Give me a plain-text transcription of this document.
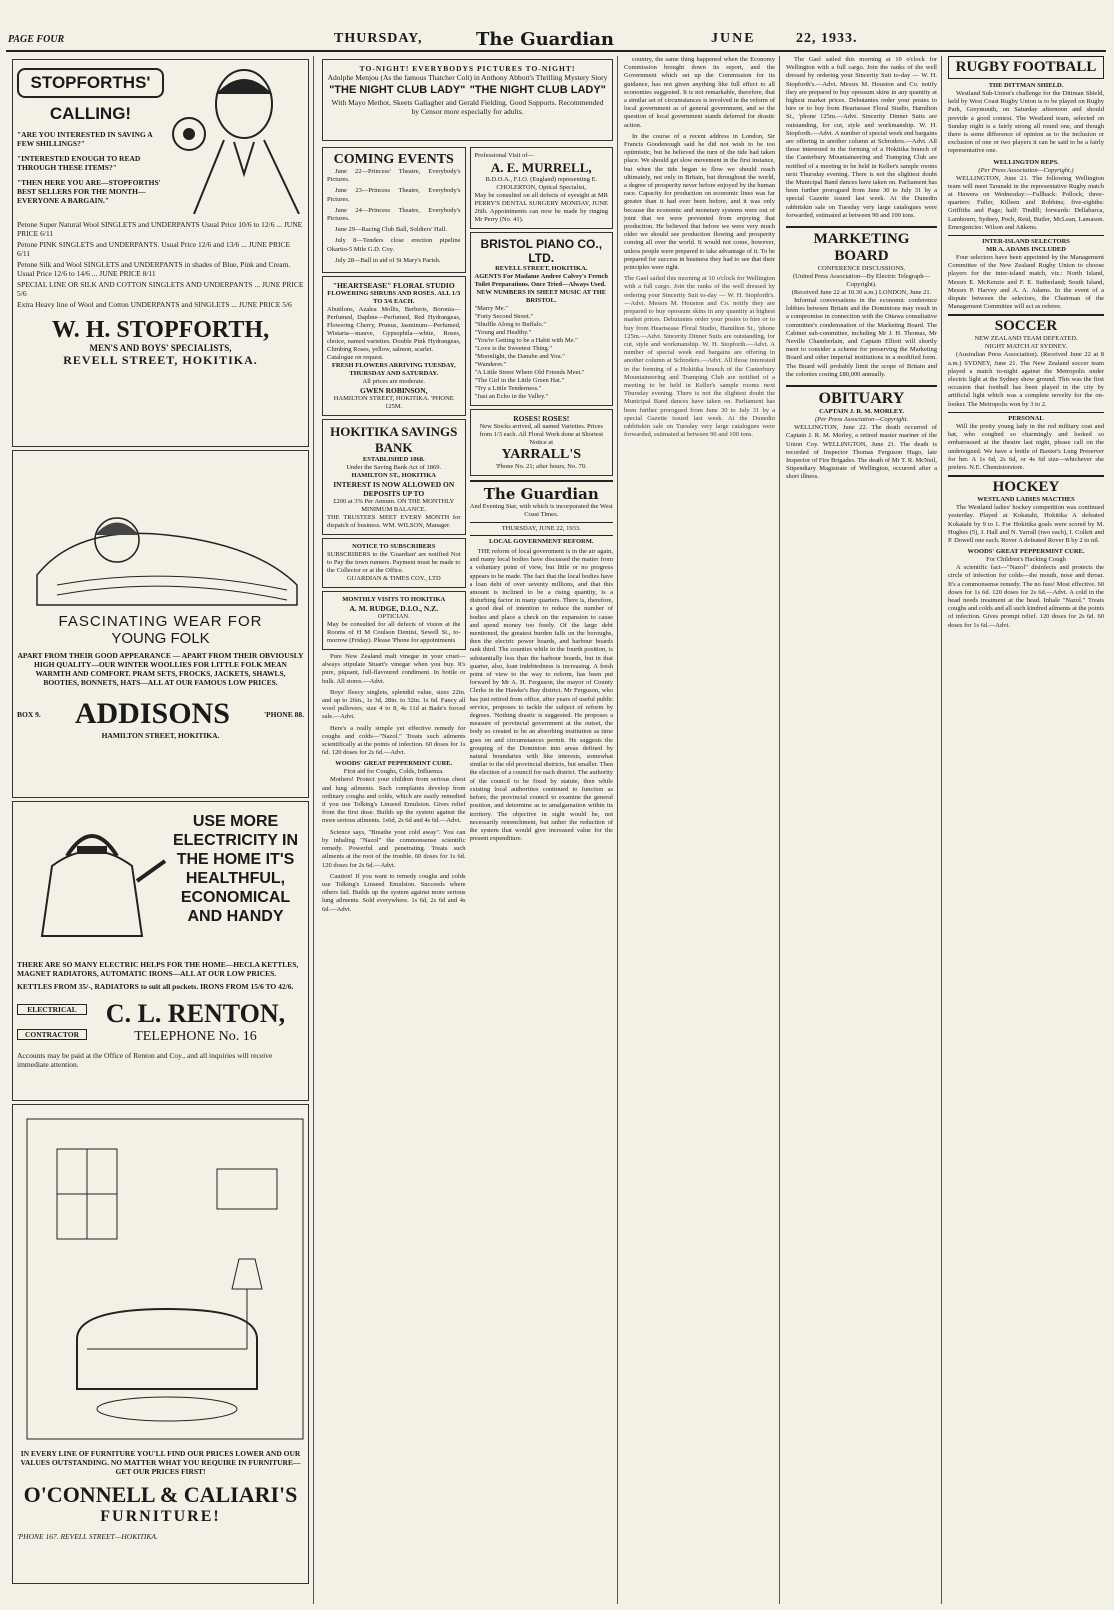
PAGE FOUR	THURSDAY,	The Guardian	JUNE	22, 1933.
STOPFORTHS'
CALLING!
"ARE YOU INTERESTED IN SAVING A FEW SHILLINGS?"
"INTERESTED ENOUGH TO READ THROUGH THESE ITEMS?"
"THEN HERE YOU ARE—STOPFORTHS' BEST SELLERS FOR THE MONTH—EVERYONE A BARGAIN."
Petone Super Natural Wool SINGLETS and UNDERPANTS Usual Price 10/6 to 12/6 ... JUNE PRICE 6/11
Petone PINK SINGLETS and UNDERPANTS. Usual Price 12/6 and 13/6 ... JUNE PRICE 6/11
Petone Silk and Wool SINGLETS and UNDERPANTS in shades of Blue, Pink and Cream. Usual Price 12/6 to 14/6 ... JUNE PRICE 8/11
SPECIAL LINE OR SILK AND COTTON SINGLETS AND UNDERPANTS ... JUNE PRICE 5/6
Extra Heavy line of Wool and Cotton UNDERPANTS and SINGLETS ... JUNE PRICE 5/6
W. H. STOPFORTH,
MEN'S AND BOYS' SPECIALISTS,
REVELL STREET, HOKITIKA.
FASCINATING WEAR FOR
YOUNG FOLK
APART FROM THEIR GOOD APPEARANCE — APART FROM THEIR OBVIOUSLY HIGH QUALITY—OUR WINTER WOOLLIES FOR LITTLE FOLK MEAN WARMTH AND COMFORT. PRAM SETS, FROCKS, JACKETS, SHAWLS, BOOTIES, BONNETS, HATS—ALL AT OUR FAMOUS LOW PRICES.
BOX 9. ADDISONS	'PHONE 88.
HAMILTON STREET, HOKITIKA.
USE MORE ELECTRICITY IN THE HOME IT'S HEALTHFUL, ECONOMICAL AND HANDY
THERE ARE SO MANY ELECTRIC HELPS FOR THE HOME—HECLA KETTLES, MAGNET RADIATORS, AUTOMATIC IRONS—ALL AT OUR LOW PRICES.
KETTLES FROM 35/-, RADIATORS to suit all pockets. IRONS FROM 15/6 TO 42/6.
ELECTRICAL
CONTRACTOR
C. L. RENTON,
TELEPHONE No. 16
Accounts may be paid at the Office of Renton and Coy., and all inquiries will receive immediate attention.
IN EVERY LINE OF FURNITURE YOU'LL FIND OUR PRICES LOWER AND OUR VALUES OUTSTANDING. NO MATTER WHAT YOU REQUIRE IN FURNITURE—GET OUR PRICES FIRST!
O'CONNELL & CALIARI'S
FURNITURE!
'PHONE 167. REVELL STREET—HOKITIKA.
TO-NIGHT! EVERYBODYS PICTURES TO-NIGHT!
Adolphe Menjou (As the famous Thatcher Colt) in Anthony Abbott's Thrilling Mystery Story
"THE NIGHT CLUB LADY" "THE NIGHT CLUB LADY"
With Mayo Methot, Skeets Gallagher and Gerald Fielding. Good Supports. Recommended by Censor more especially for adults.
COMING EVENTS
June 22—Princess' Theatre, Everybody's Pictures.
June 23—Princess Theatre, Everybody's Pictures.
June 24—Princess Theatre, Everybody's Pictures.
June 29—Racing Club Ball, Soldiers' Hall.
July 8—Tenders close erection pipeline Okarito-5 Mile G.D. Coy.
July 28—Ball in aid of St Mary's Parish.
"HEARTSEASE" FLORAL STUDIO
FLOWERING SHRUBS AND ROSES. ALL 1/3 TO 3/6 EACH.
Abutilons, Azalea Mollis, Berberis, Boronia—Perfumed, Daphne—Perfumed, Red Hydrangeas, Flowering Cherry, Prunus, Jasminum—Perfumed, Wistaria—mauve, Gypsophila—white, Roses, choice, named varieties. Double Pink Hydrangeas, Climbing Roses, yellow, salmon, scarlet.
Catalogue on request.
FRESH FLOWERS ARRIVING TUESDAY, THURSDAY AND SATURDAY.
All prices are moderate.
GWEN ROBINSON,
HAMILTON STREET, HOKITIKA. 'PHONE 125M.
HOKITIKA SAVINGS BANK
ESTABLISHED 1868.
Under the Saving Bank Act of 1869.
HAMILTON ST., HOKITIKA
INTEREST IS NOW ALLOWED ON DEPOSITS UP TO
£200 at 3% Per Annum. ON THE MONTHLY MINIMUM BALANCE.
THE TRUSTEES MEET EVERY MONTH for dispatch of business. WM. WILSON, Manager.
NOTICE TO SUBSCRIBERS
SUBSCRIBERS to the 'Guardian' are notified Not to Pay the town runners. Payment must be made to the Collector or at the Office.
GUARDIAN & TIMES COY., LTD
MONTHLY VISITS TO HOKITIKA
A. M. RUDGE, D.I.O., N.Z.
OPTICIAN.
May be consulted for all defects of vision at the Rooms of H M Coulson Dentist, Sewell St., to-morrow (Friday). Please 'Phone for appointments
Pure New Zealand malt vinegar in your cruet—always stipulate Stuart's vinegar when you buy. It's pure, piquant, full-flavoured condiment. In bottle or bulk. All stores.—Advt.
Boys' fleecy singlets, splendid value, sizes 22in. and up to 26in., 1s 3d, 28in. to 32in. 1s 6d. Fancy all wool pullovers, size 4 to 8, 4s 11d at Bade's forced sale.—Advt.
Here's a really simple yet effective remedy for coughs and colds—"Nazol." Treats such ailments scientifically at the points of infection. 60 doses for 1s 6d. 120 doses for 2s 6d.—Advt.
WOODS' GREAT PEPPERMINT CURE.
First aid for Coughs, Colds, Influenza.
Mothers! Protect your children from serious chest and lung ailments. Such complaints develop from ordinary coughs and colds, which are easily remedied if you use Tolking's Linseed Emulsion. Gives relief from the first dose. Builds up the system against the more serious ailments. 1s6d, 2s 6d and 4s 6d.—Advt.
Science says, "Breathe your cold away". You can by inhaling "Nazol" the commonsense scientific remedy. Powerful and penetrating. Treats such ailments at the root of the trouble. 60 doses for 1s 6d. 120 doses for 2s 6d.—Advt.
Caution! If you want to remedy coughs and colds use Tolking's Linseed Emulsion. Succeeds where others fail. Builds up the system against more serious lung ailments. Sold everywhere. 1s 6d, 2s 6d and 4s 6d.—Advt.
Professional Visit of—
A. E. MURRELL,
B.D.O.A., F.I.O. (England) representing E. CHOLERTON, Optical Specialist,
May be consulted on all defects of eyesight at MR PERRY'S DENTAL SURGERY MONDAY, JUNE 26th. Appointments can now be made by ringing Mr Perry (No. 41).
BRISTOL PIANO CO., LTD.
REVELL STREET, HOKITIKA.
AGENTS For Madame Andree Calvey's French Toilet Preparations. Once Tried—Always Used.
NEW NUMBERS IN SHEET MUSIC AT THE BRISTOL.
"Marry Me."
"Forty Second Street."
"Shuffle Along to Buffalo."
"Young and Healthy."
"You're Getting to be a Habit with Me."
"Love is the Sweetest Thing."
"Moonlight, the Danube and You."
"Wanderer."
"A Little Street Where Old Friends Meet."
"The Girl in the Little Green Hat."
"Try a Little Tenderness."
"Just an Echo in the Valley."
ROSES! ROSES!
New Stocks arrived, all named Varieties. Prices from 1/3 each. All Floral Work done at Shortest Notice at
YARRALL'S
'Phone No. 21; after hours, No. 70.
The Guardian
And Evening Star, with which is incorporated the West Coast Times.
THURSDAY, JUNE 22, 1933.
LOCAL GOVERNMENT REFORM.
THE reform of local government is in the air again, and many local bodies have discussed the matter from a voluntary point of view, but little or no progress appears to be made. The fact that the local bodies have a loan debt of over seventy millions, and that this amount is inclined to be a rising quantity, is a disturbing factor in many quarters. There is, therefore, a good deal of intention to reduce the number of bodies and place a check on the expansion to cause and spend money too freely. Of the large debt mentioned, the greatest burden falls on the boroughs, then the electric power boards, and harbour boards rank third. The counties while in the fourth position, is substantially less than the harbour boards, but in that quarter, also, loan indebtedness is increasing. A fresh point of view to the way to reform, has been put forward by Mr A. H. Ferguson, the mayor of County Clerks in the Hawke's Bay district. Mr Ferguson, who has just retired from office, after years of useful public service, proposes to tackle the subject of reform by degrees. 'Nothing drastic is suggested. He proposes a measure of provincial government at the outset, the body so created to be an absorbing institution as time goes on and circumstances permit. He suggests the grouping of the Dominion into areas defined by natural boundaries with like interests, somewhat similar to the old provincial districts, but smaller. Then the election of a council for each district. The authority of the council to be fixed by statute, then while existing local authorities continued to function as before, the provincial council to examine the general position, and determine as to amalgamation within its territory. The objective in sight would be, not necessarily retrenchment, but rather the reduction of the system that would give increased value for the present expenditure.
country, the same thing happened when the Economy Commission brought down its report, and the Government which set up the Commission for its guidance, has not given anything like full effect to all economies suggested. It is not remarkable, therefore, that a similar set of circumstances is involved in the reform of local government as of general government, and so the question of local government stands deferred for drastic action.
In the course of a recent address in London, Sir Francis Goodenough said he did not wish to be too optimistic, but he believed the turn of the tide had taken place. We should get slow movement in the first instance, but when the tide began to flow we should reach ultimately, not only in Britain, but throughout the world, a degree of prosperity never before enjoyed by the human race. Capacity for production on economic lines was far greater than it had ever been before, and it was only because the economic and monetary systems were out of joint that we were prevented from enjoying that production. He believed that before we were very much older we should see production flowing and prosperity coming all over the world. It would not come, however, unless people were prepared to take advantage of it. To be prepared for success in business they had to see that their principles were right.
The Gael sailed this morning at 10 o'clock for Wellington with a full cargo. Join the ranks of the well dressed by ordering your Sincerity Suit to-day — W. H. Stopforth's.—Advt. Messrs M. Houston and Co. notify they are prepared to buy opossum skins in any quantity at highest market prices. Debutantes order your posies to hire or to buy from Heartsease Floral Studio, Hamilton St., 'phone 125m.—Advt. Sincerity Dinner Suits are outstanding, for cut, style and workmanship. W. H. Stopforth.—Advt. A number of special week end bargains are offering in another column at Schroders.—Advt. All those interested in the forming of a Hokitika branch of the Canterbury Mountaineering and Tramping Club are notified of a meeting to be held in Keller's sample rooms next Thursday evening. There is not the slightest doubt the Municipal Band dances have taken on. Parliament has been further prorogued from June 30 to July 31 by a special Gazette issued last week. At the Dunedin rabbitskin sale on Tuesday very large catalogues were forwarded, estimated at between 90 and 100 tons.
The Gael sailed this morning at 10 o'clock for Wellington with a full cargo. Join the ranks of the well dressed by ordering your Sincerity Suit to-day — W. H. Stopforth's.—Advt. Messrs M. Houston and Co. notify they are prepared to buy opossum skins in any quantity at highest market prices. Debutantes order your posies to hire or to buy from Heartsease Floral Studio, Hamilton St., 'phone 125m.—Advt. Sincerity Dinner Suits are outstanding, for cut, style and workmanship. W. H. Stopforth.—Advt. A number of special week end bargains are offering in another column at Schroders.—Advt. All those interested in the forming of a Hokitika branch of the Canterbury Mountaineering and Tramping Club are notified of a meeting to be held in Keller's sample rooms next Thursday evening. There is not the slightest doubt the Municipal Band dances have taken on. Parliament has been further prorogued from June 30 to July 31 by a special Gazette issued last week. At the Dunedin rabbitskin sale on Tuesday very large catalogues were forwarded, estimated at between 90 and 100 tons.
MARKETING BOARD
CONFERENCE DISCUSSIONS.
(United Press Association—By Electric Telegraph—Copyright).
(Received June 22 at 10.30 a.m.) LONDON, June 21.
Informal conversations in the economic conference lobbies between Britain and the Dominions may result in a compromise in connection with the Ottawa consultative committee's condemnation of the Marketing Board. The Cabinet sub-committee, including Mr J. H. Thomas, Mr Neville Chamberlain, and Captain Elliott will shortly meet to consider a scheme for preserving the Marketing Board and other imperial institutions in a modified form. The Board will probably limit the scope of Britain and the colonies costing £80,000 annually.
OBITUARY
CAPTAIN J. R. M. MORLEY.
(Per Press Association—Copyright.
WELLINGTON, June 22. The death occurred of Captain J. R. M. Morley, a retired master mariner of the Union Coy. WELLINGTON, June 21. The death is recorded of Inspector Thomas Ferguson Hugo, late Inspector of Fire Brigades. The death of Mr T. R. McNeil, Stipendiary Magistrate of Wellington, occurred after a short illness.
RUGBY FOOTBALL
THE DITTMAN SHIELD.
Westland Sub-Union's challenge for the Dittman Shield, held by West Coast Rugby Union is to be played on Rugby Park, Greymouth, on Saturday afternoon and should provide a good contest. The Westland team, selected on Sunday night is a fairly strong all round one, and though there is some difference of opinion as to the inclusion or exclusion of one or two players it can be said to be a fairly representative one.
WELLINGTON REPS.
(Per Press Association—Copyright.)
WELLINGTON, June 21. The following Wellington team will meet Taranaki in the representative Rugby match at Hawera on Wednesday:—Fullback: Pollock; three-quarters: Fuller, Killeen and Robbins; five-eighths: Griffiths and Page; half: Tindill; forwards: Dellabarca, Lambourn, Sydney, Poch, Reid, Butler, McLean, Lamason. Emergencies: Wilson and Aitkens.
INTER-ISLAND SELECTORS
MR A. ADAMS INCLUDED
Four selectors have been appointed by the Management Committee of the New Zealand Rugby Union to choose players for the inter-island match, viz.: North Island, Messrs E. McKenzie and F. E. Sutherland; South Island, Messrs P. Harvey and A. A. Adams. In the event of a dispute between the selectors, the Chairman of the Management Committee will act as referee.
SOCCER
NEW ZEALAND TEAM DEFEATED.
NIGHT MATCH AT SYDNEY.
(Australian Press Association). (Received June 22 at 8 a.m.) SYDNEY, June 21. The New Zealand soccer team played a match to-night against the Metropolis under electric light at the Sydney show ground. This was the first occasion that football has been played in the city by artificial light which was a complete novelty for the on-looker. The Metropolis won by 3 to 2.
PERSONAL
Will the pretty young lady in the red military coat and hat, who coughed so charmingly and looked so embarrassed at the theatre last night, please call on the undersigned. We have a bottle of Baxter's Lung Preserver for her. A 1s 6d, 2s 6d, or 4s 6d size—whichever she prefers. N.E. Chemistorstore.
HOCKEY
WESTLAND LADIES MACTHES
The Westland ladies' hockey competition was continued yesterday. Played at Kokatahi, Hokitika A defeated Kokatahi by 9 to 1. For Hokitika goals were scored by M. Hughes (5), J. Hall and N. Yarrall (two each), I. Collett and P. Dowell one each. Rover A defeated Rover B by 2 to nil.
WOODS' GREAT PEPPERMINT CURE.
For Children's Hacking Cough
A scientific fact—"Nazol" disinfects and protects the circle of infection for colds—the mouth, nose and throat. It's a commonsense remedy. The no fuss! Most effective. 60 doses for 1s 6d. 120 doses for 2s 6d.—Advt. A cold in the head needs treatment at the head. Inhale "Nazol." Treats coughs and colds and all such kindred ailments at the points of infection. Gives prompt relief. 120 doses for 2s 6d. 60 doses for 1s 6d.—Advt.
